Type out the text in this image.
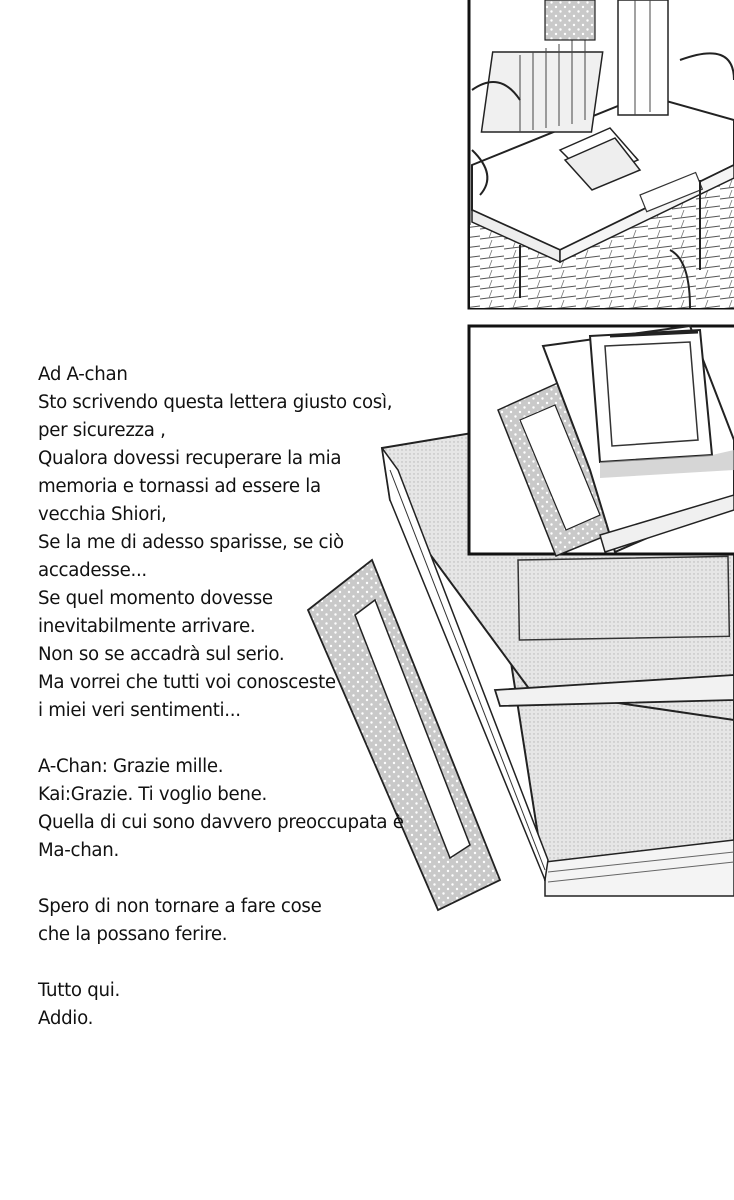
Ad A-chan
Sto scrivendo questa lettera giusto così,
per sicurezza ,
Qualora dovessi recuperare la mia
memoria e tornassi ad essere la
vecchia Shiori,
Se la me di adesso sparisse, se ciò
accadesse...
Se quel momento dovesse
inevitabilmente arrivare.
Non so se accadrà sul serio.
Ma vorrei che tutti voi conosceste
i miei veri sentimenti...
A-Chan: Grazie mille.
Kai:Grazie. Ti voglio bene.
Quella di cui sono davvero preoccupata è
Ma-chan.
Spero di non tornare a fare cose
che la possano ferire.
Tutto qui.
Addio.
